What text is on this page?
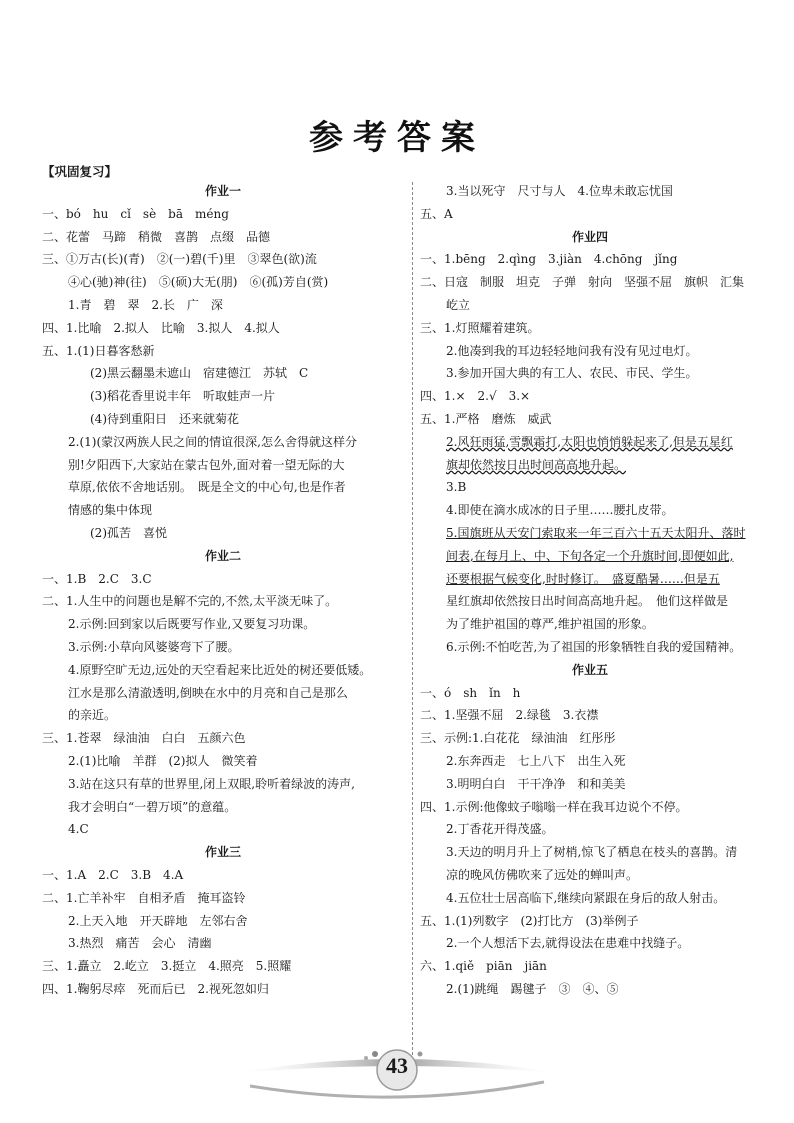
参考答案
【巩固复习】
作业一
一、bó　hu　cǐ　sè　bā　méng
二、花蕾　马蹄　稍微　喜鹊　点缀　品德
三、①万古(长)(青)　②(一)碧(千)里　③翠色(欲)流
④心(驰)神(往)　⑤(硕)大无(朋)　⑥(孤)芳自(赏)
1.青　碧　翠　2.长　广　深
四、1.比喻　2.拟人　比喻　3.拟人　4.拟人
五、1.(1)日暮客愁新
(2)黑云翻墨未遮山　宿建德江　苏轼　C
(3)稻花香里说丰年　听取蛙声一片
(4)待到重阳日　还来就菊花
2.(1)(蒙汉两族人民之间的情谊很深,怎么舍得就这样分
别!夕阳西下,大家站在蒙古包外,面对着一望无际的大
草原,依依不舍地话别。　既是全文的中心句,也是作者
情感的集中体现
(2)孤苦　喜悦
作业二
一、1.B　2.C　3.C
二、1.人生中的问题也是解不完的,不然,太平淡无味了。
2.示例:回到家以后既要写作业,又要复习功课。
3.示例:小草向风婆婆弯下了腰。
4.原野空旷无边,远处的天空看起来比近处的树还要低矮。
江水是那么清澈透明,倒映在水中的月亮和自己是那么
的亲近。
三、1.苍翠　绿油油　白白　五颜六色
2.(1)比喻　羊群　(2)拟人　微笑着
3.站在这只有草的世界里,闭上双眼,聆听着绿波的涛声,
我才会明白“一碧万顷”的意蕴。
4.C
作业三
一、1.A　2.C　3.B　4.A
二、1.亡羊补牢　自相矛盾　掩耳盗铃
2.上天入地　开天辟地　左邻右舍
3.热烈　痛苦　会心　清幽
三、1.矗立　2.屹立　3.挺立　4.照亮　5.照耀
四、1.鞠躬尽瘁　死而后已　2.视死忽如归
3.当以死守　尺寸与人　4.位卑未敢忘忧国
五、A
作业四
一、1.bēng　2.qìng　3.jiàn　4.chōng　jǐng
二、日寇　制服　坦克　子弹　射向　坚强不屈　旗帜　汇集
屹立
三、1.灯照耀着建筑。
2.他凑到我的耳边轻轻地问我有没有见过电灯。
3.参加开国大典的有工人、农民、市民、学生。
四、1.×　2.√　3.×
五、1.严格　磨炼　威武
2.风狂雨猛,雪飘霜打,太阳也悄悄躲起来了,但是五星红
旗却依然按日出时间高高地升起。
3.B
4.即使在滴水成冰的日子里……腰扎皮带。
5.国旗班从天安门索取来一年三百六十五天太阳升、落时
间表,在每月上、中、下旬各定一个升旗时间,即便如此,
还要根据气候变化,时时修订。　盛夏酷暑……但是五
星红旗却依然按日出时间高高地升起。　他们这样做是
为了维护祖国的尊严,维护祖国的形象。
6.示例:不怕吃苦,为了祖国的形象牺牲自我的爱国精神。
作业五
一、ó　sh　ǐn　h
二、1.坚强不屈　2.绿毯　3.衣襟
三、示例:1.白花花　绿油油　红彤彤
2.东奔西走　七上八下　出生入死
3.明明白白　干干净净　和和美美
四、1.示例:他像蚊子嗡嗡一样在我耳边说个不停。
2.丁香花开得茂盛。
3.天边的明月升上了树梢,惊飞了栖息在枝头的喜鹊。清
凉的晚风仿佛吹来了远处的蝉叫声。
4.五位壮士居高临下,继续向紧跟在身后的敌人射击。
五、1.(1)列数字　(2)打比方　(3)举例子
2.一个人想活下去,就得设法在患难中找缝子。
六、1.qiě　piān　jiān
2.(1)跳绳　踢毽子　③　④、⑤
43
